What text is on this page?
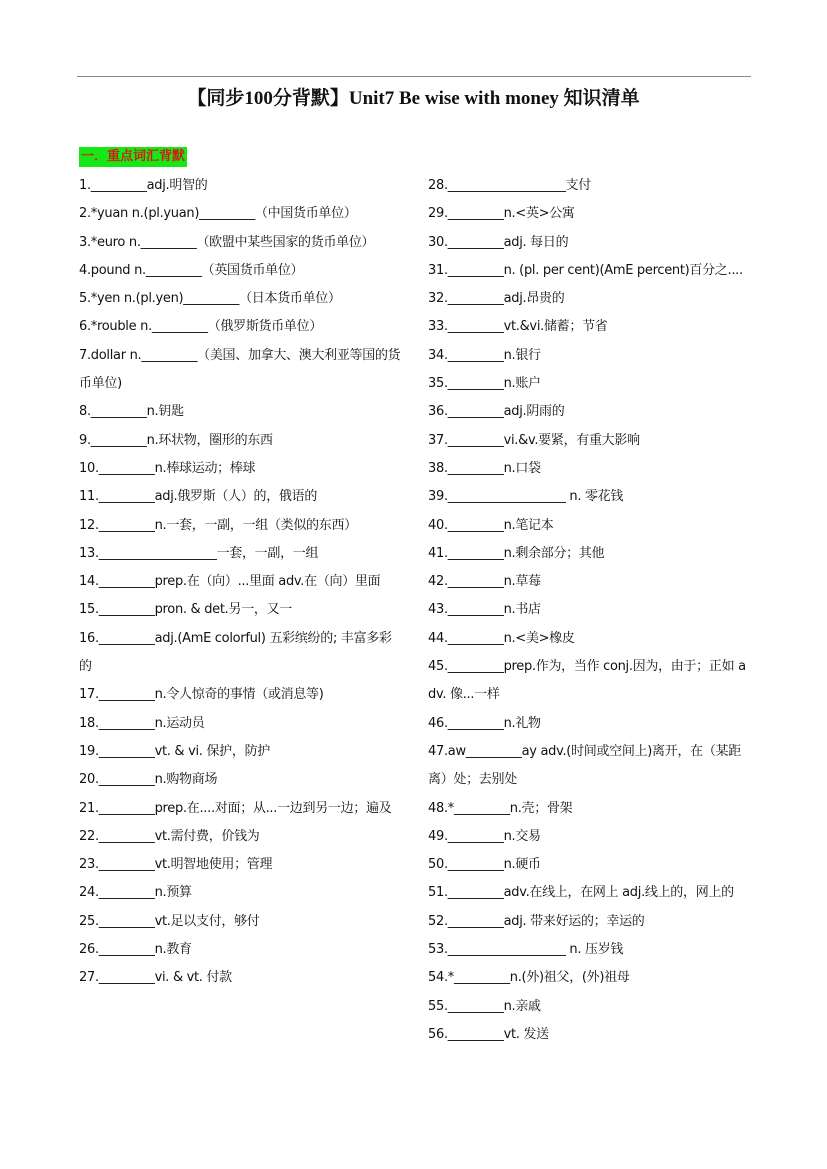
【同步100分背默】Unit7 Be wise with money 知识清单
一．重点词汇背默
1._________adj.明智的
2.*yuan n.(pl.yuan)_________（中国货币单位）
3.*euro n._________（欧盟中某些国家的货币单位）
4.pound n._________（英国货币单位）
5.*yen n.(pl.yen)_________（日本货币单位）
6.*rouble n._________（俄罗斯货币单位）
7.dollar n._________（美国、加拿大、澳大利亚等国的货币单位)
8._________n.钥匙
9._________n.环状物，圈形的东西
10._________n.棒球运动；棒球
11._________adj.俄罗斯（人）的，俄语的
12._________n.一套，一副，一组（类似的东西）
13.___________________一套，一副，一组
14._________prep.在（向）...里面 adv.在（向）里面
15._________pron. & det.另一，又一
16._________adj.(AmE colorful) 五彩缤纷的; 丰富多彩的
17._________n.令人惊奇的事情（或消息等)
18._________n.运动员
19._________vt. & vi. 保护，防护
20._________n.购物商场
21._________prep.在....对面；从...一边到另一边；遍及
22._________vt.需付费，价钱为
23._________vt.明智地使用；管理
24._________n.预算
25._________vt.足以支付，够付
26._________n.教育
27._________vi. & vt. 付款
28.___________________支付
29._________n.<英>公寓
30._________adj. 每日的
31._________n. (pl. per cent)(AmE percent)百分之....
32._________adj.昂贵的
33._________vt.&vi.储蓄；节省
34._________n.银行
35._________n.账户
36._________adj.阴雨的
37._________vi.&v.要紧，有重大影响
38._________n.口袋
39.___________________ n. 零花钱
40._________n.笔记本
41._________n.剩余部分；其他
42._________n.草莓
43._________n.书店
44._________n.<美>橡皮
45._________prep.作为，当作 conj.因为，由于；正如 adv. 像...一样
46._________n.礼物
47.aw_________ay adv.(时间或空间上)离开，在（某距离）处；去别处
48.*_________n.壳；骨架
49._________n.交易
50._________n.硬币
51._________adv.在线上，在网上 adj.线上的，网上的
52._________adj. 带来好运的；幸运的
53.___________________ n. 压岁钱
54.*_________n.(外)祖父，(外)祖母
55._________n.亲戚
56._________vt. 发送
